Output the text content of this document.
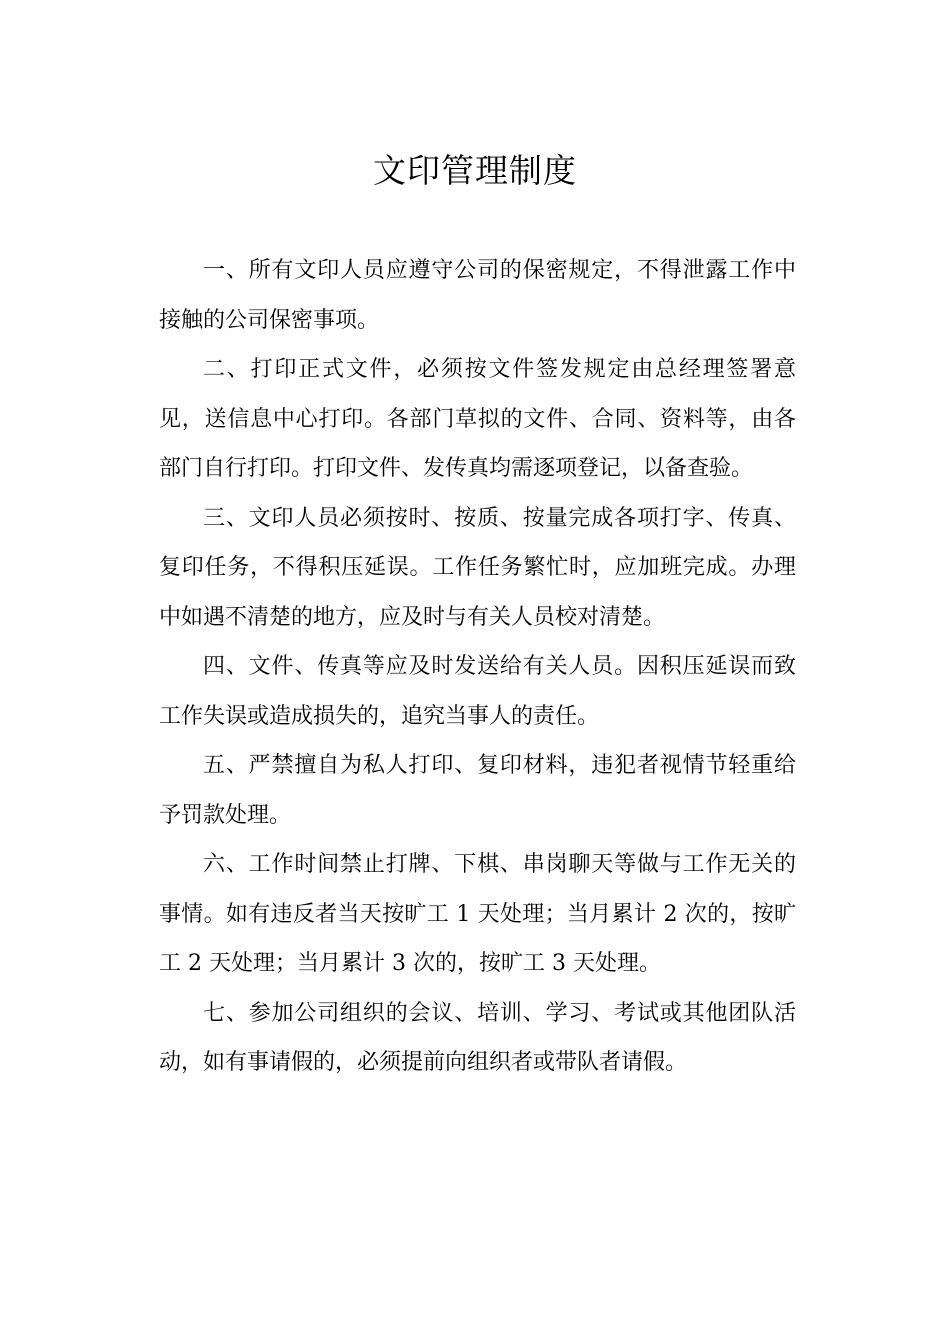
文印管理制度

一、所有文印人员应遵守公司的保密规定，不得泄露工作中接触的公司保密事项。

二、打印正式文件，必须按文件签发规定由总经理签署意见，送信息中心打印。各部门草拟的文件、合同、资料等，由各部门自行打印。打印文件、发传真均需逐项登记，以备查验。

三、文印人员必须按时、按质、按量完成各项打字、传真、复印任务，不得积压延误。工作任务繁忙时，应加班完成。办理中如遇不清楚的地方，应及时与有关人员校对清楚。

四、文件、传真等应及时发送给有关人员。因积压延误而致工作失误或造成损失的，追究当事人的责任。

五、严禁擅自为私人打印、复印材料，违犯者视情节轻重给予罚款处理。

六、工作时间禁止打牌、下棋、串岗聊天等做与工作无关的事情。如有违反者当天按旷工 1 天处理；当月累计 2 次的，按旷工 2 天处理；当月累计 3 次的，按旷工 3 天处理。

七、参加公司组织的会议、培训、学习、考试或其他团队活动，如有事请假的，必须提前向组织者或带队者请假。
